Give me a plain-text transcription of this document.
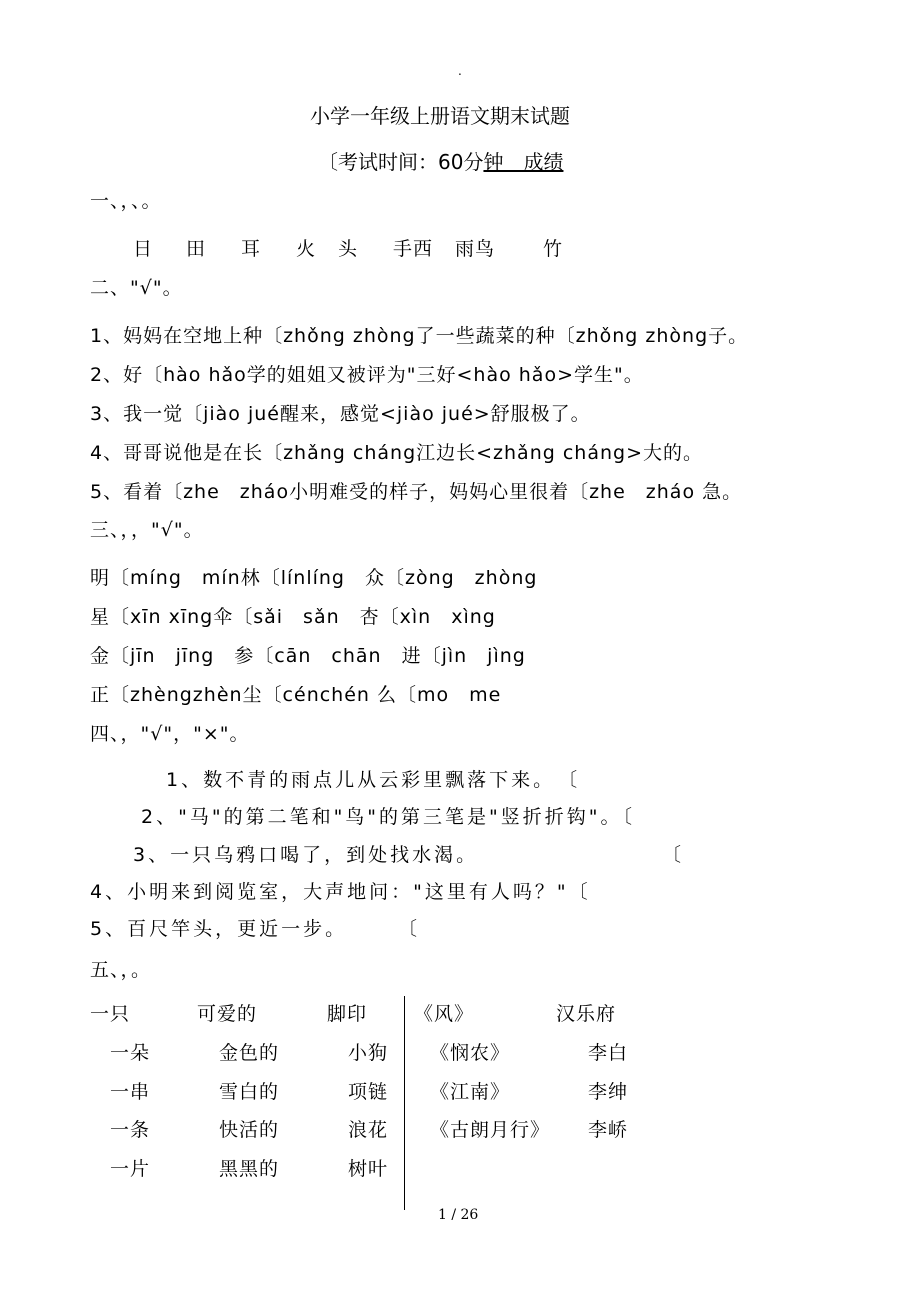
.
小学一年级上册语文期末试题
〔考试时间：60分钟　成绩
一、，、。
日 田 耳 火 头 手西 雨鸟	竹
二、"√"。
1、妈妈在空地上种〔zhǒng zhòng了一些蔬菜的种〔zhǒng zhòng子。
2、好〔hào hǎo学的姐姐又被评为"三好<hào hǎo>学生"。
3、我一觉〔jiào jué醒来，感觉<jiào jué>舒服极了。
4、哥哥说他是在长〔zhǎng cháng江边长<zhǎng cháng>大的。
5、看着〔zhe　zháo小明难受的样子，妈妈心里很着〔zhe　zháo 急。
三、，，"√"。
明〔míng　mín林〔línlíng　众〔zòng　zhòng
星〔xīn xīng伞〔sǎi　sǎn　杏〔xìn　xìng
金〔jīn　jīng　参〔cān　chān　进〔jìn　jìng
正〔zhèngzhèn尘〔cénchén 么〔mo　me
四、，"√"，"×"。
1、数不青的雨点儿从云彩里飘落下来。　〔
2、"马"的第二笔和"鸟"的第三笔是"竖折折钩"。〔
3、一只乌鸦口喝了，到处找水渴。	〔
4、小明来到阅览室，大声地问："这里有人吗？"〔
5、百尺竿头，更近一步。	〔
五、，。
一只	可爱的	脚印
一朵	金色的	小狗
一串	雪白的	项链
一条	快活的	浪花
一片	黑黑的	树叶
《风》	汉乐府
《悯农》	李白
《江南》	李绅
《古朗月行》 李峤
1 / 26
